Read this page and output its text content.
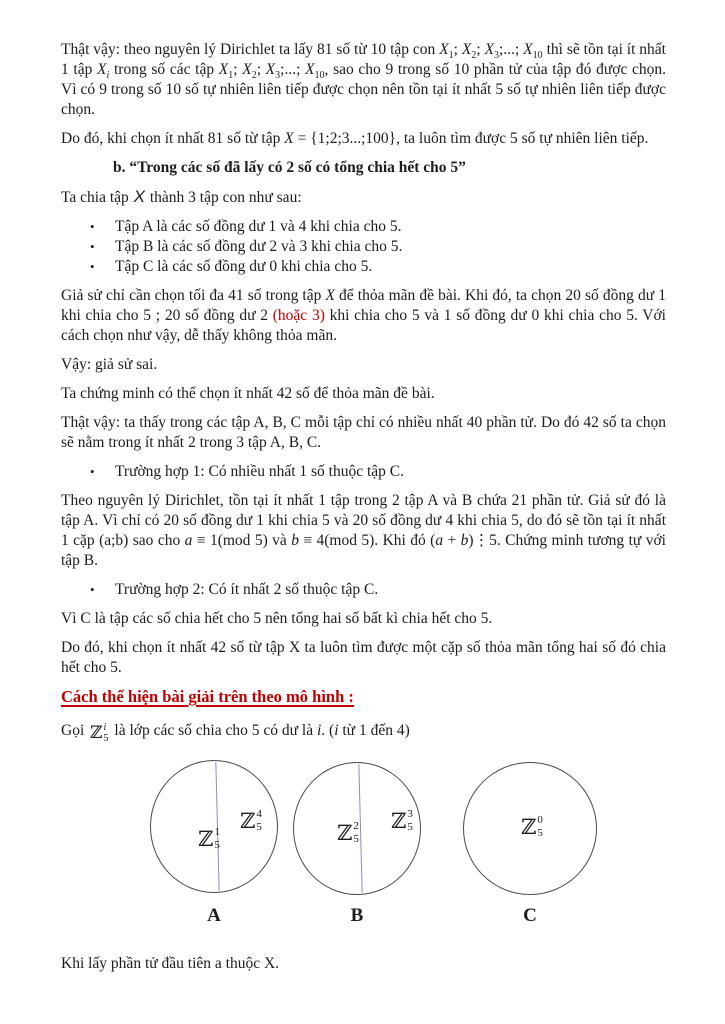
Thật vậy: theo nguyên lý Dirichlet ta lấy 81 số từ 10 tập con $X_1$; $X_2$; $X_3$;...; $X_{10}$ thì sẽ tồn tại ít nhất 1 tập $X_i$ trong số các tập $X_1$; $X_2$; $X_3$;...; $X_{10}$, sao cho 9 trong số 10 phần tử của tập đó được chọn. Vì có 9 trong số 10 số tự nhiên liên tiếp được chọn nên tồn tại ít nhất 5 số tự nhiên liên tiếp được chọn.

Do đó, khi chọn ít nhất 81 số từ tập X = {1;2;3...;100}, ta luôn tìm được 5 số tự nhiên liên tiếp.

b. “Trong các số đã lấy có 2 số có tổng chia hết cho 5”

Ta chia tập X thành 3 tập con như sau:

•	Tập A là các số đồng dư 1 và 4 khi chia cho 5.
•	Tập B là các số đồng dư 2 và 3 khi chia cho 5.
•	Tập C là các số đồng dư 0 khi chia cho 5.

Giả sử chỉ cần chọn tối đa 41 số trong tập X để thỏa mãn đề bài. Khi đó, ta chọn 20 số đồng dư 1 khi chia cho 5 ; 20 số đồng dư 2 (hoặc 3) khi chia cho 5 và 1 số đồng dư 0 khi chia cho 5. Với cách chọn như vậy, dễ thấy không thỏa mãn.

Vậy: giả sử sai.

Ta chứng minh có thể chọn ít nhất 42 số để thỏa mãn đề bài.

Thật vậy: ta thấy trong các tập A, B, C mỗi tập chỉ có nhiều nhất 40 phần tử. Do đó 42 số ta chọn sẽ nằm trong ít nhất 2 trong 3 tập A, B, C.

•	Trường hợp 1: Có nhiều nhất 1 số thuộc tập C.

Theo nguyên lý Dirichlet, tồn tại ít nhất 1 tập trong 2 tập A và B chứa 21 phần tử. Giả sử đó là tập A. Vì chỉ có 20 số đồng dư 1 khi chia 5 và 20 số đồng dư 4 khi chia 5, do đó sẽ tồn tại ít nhất 1 cặp (a;b) sao cho a ≡ 1(mod 5) và b ≡ 4(mod 5). Khi đó (a + b)⋮5. Chứng minh tương tự với tập B.

•	Trường hợp 2: Có ít nhất 2 số thuộc tập C.

Vì C là tập các số chia hết cho 5 nên tổng hai số bất kì chia hết cho 5.

Do đó, khi chọn ít nhất 42 số từ tập X ta luôn tìm được một cặp số thỏa mãn tổng hai số đó chia hết cho 5.

Cách thể hiện bài giải trên theo mô hình :

Gọi ℤ i
5 là lớp các số chia cho 5 có dư là i. (i từ 1 đến 4)

ℤ 1
5
ℤ 4
5
A
ℤ 2
5
ℤ 3
5
B
ℤ 0
5
C

Khi lấy phần tử đầu tiên a thuộc X.
